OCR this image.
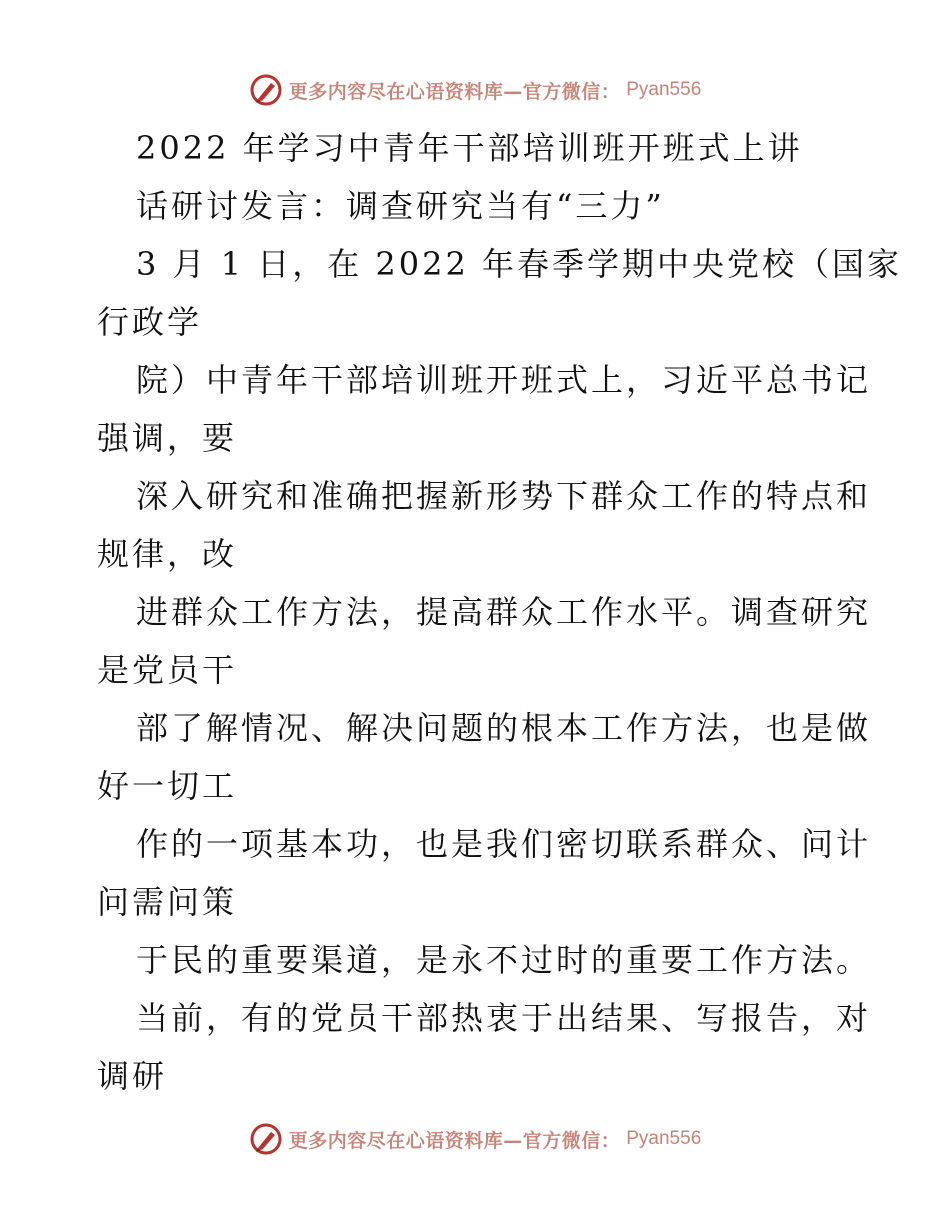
更多内容尽在心语资料库—官方微信： Pyan556
2022 年学习中青年干部培训班开班式上讲
话研讨发言：调查研究当有“三力”
3 月 1 日，在 2022 年春季学期中央党校（国家
行政学
院）中青年干部培训班开班式上，习近平总书记
强调，要
深入研究和准确把握新形势下群众工作的特点和
规律，改
进群众工作方法，提高群众工作水平。调查研究
是党员干
部了解情况、解决问题的根本工作方法，也是做
好一切工
作的一项基本功，也是我们密切联系群众、问计
问需问策
于民的重要渠道，是永不过时的重要工作方法。
当前，有的党员干部热衷于出结果、写报告，对
调研
更多内容尽在心语资料库—官方微信： Pyan556
